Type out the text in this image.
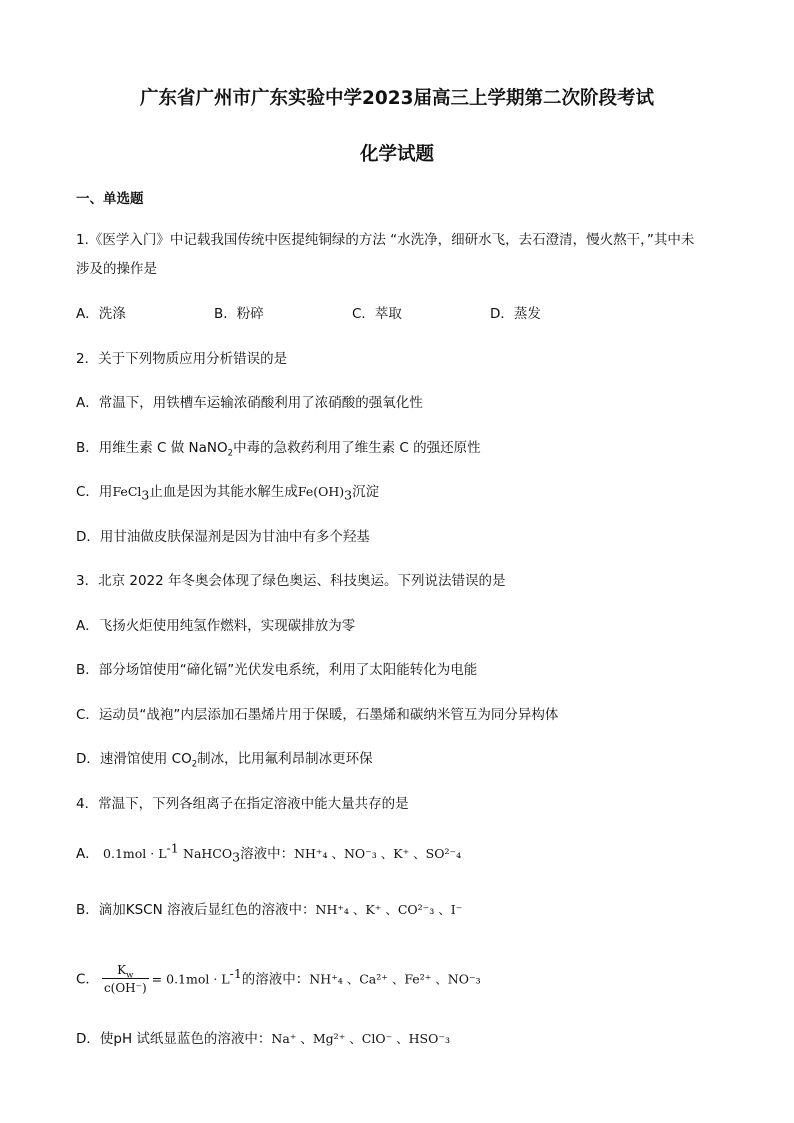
广东省广州市广东实验中学2023届高三上学期第二次阶段考试
化学试题
一、单选题
1.《医学入门》中记载我国传统中医提纯铜绿的方法 “水洗净，细研水飞，去石澄清，慢火熬干，”其中未
涉及的操作是
A．洗涤	B．粉碎	C．萃取	D．蒸发
2．关于下列物质应用分析错误的是
A．常温下，用铁槽车运输浓硝酸利用了浓硝酸的强氧化性
B．用维生素 C 做 NaNO$_2$中毒的急救药利用了维生素 C 的强还原性
C．用FeCl$_3$止血是因为其能水解生成$Fe(OH)_3$沉淀
D．用甘油做皮肤保湿剂是因为甘油中有多个羟基
3．北京 2022 年冬奥会体现了绿色奥运、科技奥运。下列说法错误的是
A．飞扬火炬使用纯氢作燃料，实现碳排放为零
B．部分场馆使用“碲化镉”光伏发电系统，利用了太阳能转化为电能
C．运动员“战袍”内层添加石墨烯片用于保暖，石墨烯和碳纳米管互为同分异构体
D．速滑馆使用 $CO_2$制冰，比用氟利昂制冰更环保
4．常温下，下列各组离子在指定溶液中能大量共存的是
A． $0.1mol \cdot L^{-1}$ NaHCO$_3$溶液中：NH⁺₄ 、NO⁻₃ 、K⁺ 、SO²⁻₄
B．滴加KSCN 溶液后显红色的溶液中：NH⁺₄ 、K⁺ 、CO²⁻₃ 、I⁻
C． $\frac{K_w}{c(OH^-)} = 0.1mol \cdot L^{-1}$的溶液中：NH⁺₄ 、Ca²⁺ 、Fe²⁺ 、NO⁻₃
D．使pH 试纸显蓝色的溶液中：Na⁺ 、Mg²⁺ 、ClO⁻ 、HSO⁻₃
